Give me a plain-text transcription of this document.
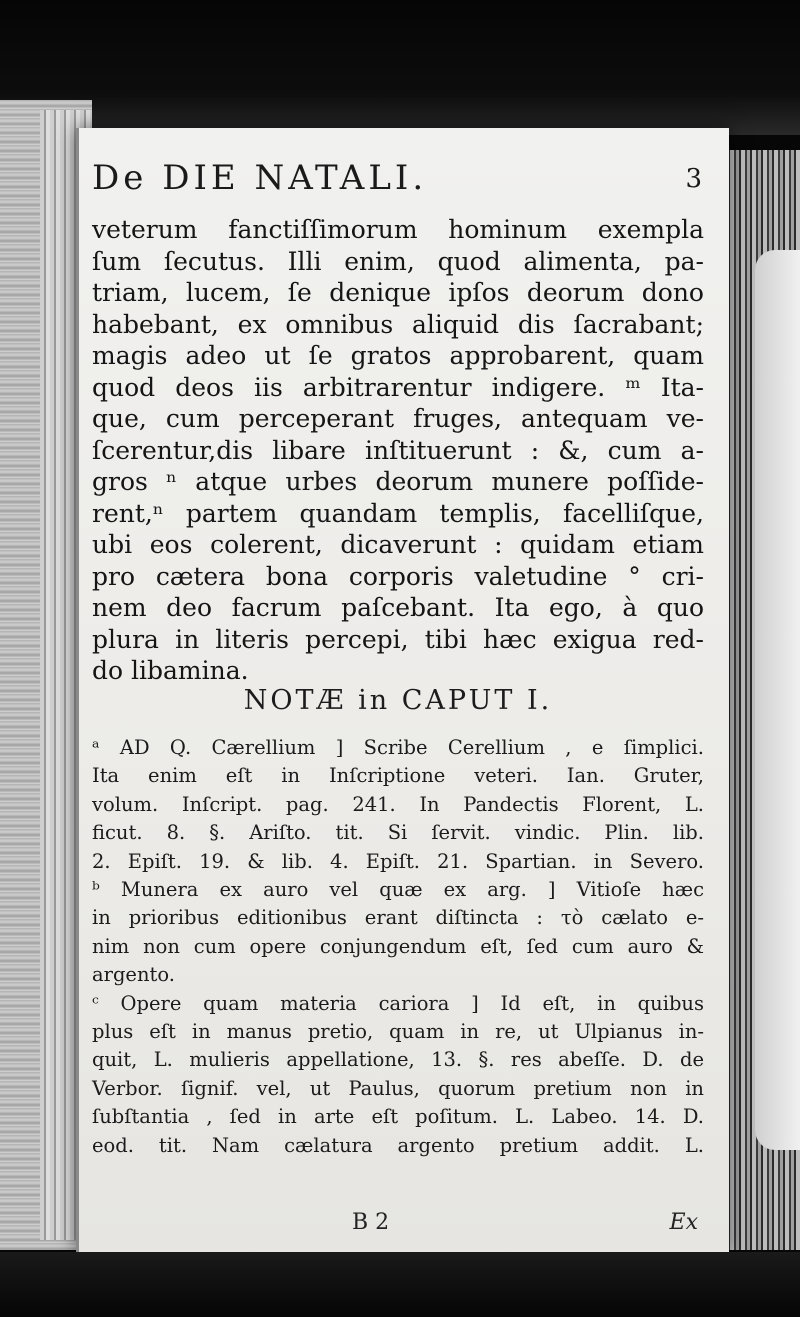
De DIE NATALI.	3
veterum fanctiſſimorum hominum exempla
ſum ſecutus. Illi enim, quod alimenta, pa-
triam, lucem, ſe denique ipſos deorum dono
habebant, ex omnibus aliquid dis ſacrabant;
magis adeo ut ſe gratos approbarent, quam
quod deos iis arbitrarentur indigere. ᵐ Ita-
que, cum perceperant fruges, antequam ve-
ſcerentur,dis libare inſtituerunt : &, cum a-
gros ⁿ atque urbes deorum munere poſſide-
rent,ⁿ partem quandam templis, facelliſque,
ubi eos colerent, dicaverunt : quidam etiam
pro cætera bona corporis valetudine ° cri-
nem deo facrum paſcebant. Ita ego, à quo
plura in literis percepi, tibi hæc exigua red-
do libamina.
NOTÆ in CAPUT I.
ᵃ AD Q. Cærellium ] Scribe Cerellium , e ſimplici.
Ita enim eſt in Inſcriptione veteri. Ian. Gruter,
volum. Inſcript. pag. 241. In Pandectis Florent, L.
ficut. 8. §. Ariſto. tit. Si ſervit. vindic. Plin. lib.
2. Epiſt. 19. & lib. 4. Epiſt. 21. Spartian. in Severo.
ᵇ Munera ex auro vel quæ ex arg. ] Vitioſe hæc
in prioribus editionibus erant diſtincta : τὸ cælato e-
nim non cum opere conjungendum eſt, ſed cum auro &
argento.
ᶜ Opere quam materia cariora ] Id eſt, in quibus
plus eſt in manus pretio, quam in re, ut Ulpianus in-
quit, L. mulieris appellatione, 13. §. res abeſſe. D. de
Verbor. ſignif. vel, ut Paulus, quorum pretium non in
ſubſtantia , ſed in arte eſt poſitum. L. Labeo. 14. D.
eod. tit. Nam cælatura argento pretium addit. L.
B 2	Ex
